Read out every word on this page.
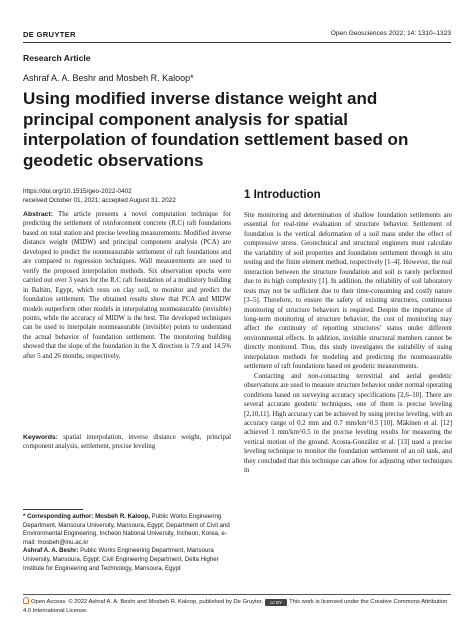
DE GRUYTER	Open Geosciences 2022; 14: 1310–1323
Research Article
Ashraf A. A. Beshr and Mosbeh R. Kaloop*
Using modified inverse distance weight and principal component analysis for spatial interpolation of foundation settlement based on geodetic observations
https://doi.org/10.1515/geo-2022-0402
received October 01, 2021; accepted August 31, 2022
Abstract: The article presents a novel computation technique for predicting the settlement of reinforcement concrete (R.C) raft foundations based on total station and precise leveling measurements. Modified inverse distance weight (MIDW) and principal component analysis (PCA) are developed to predict the nonmeasurable settlement of raft foundations and are compared to regression techniques. Wall measurements are used to verify the proposed interpolation methods. Six observation epochs were carried out over 3 years for the R.C raft foundation of a multistory building in Baltim, Egypt, which rests on clay soil, to monitor and predict the foundation settlement. The obtained results show that PCA and MIDW models outperform other models in interpolating nonmeasurable (invisible) points, while the accuracy of MIDW is the best. The developed techniques can be used to interpolate nonmeasurable (invisible) points to understand the actual behavior of foundation settlement. The monitoring building showed that the slope of the foundation in the X direction is 7.9 and 14.5% after 5 and 26 months, respectively.
Keywords: spatial interpolation, inverse distance weight, principal component analysis, settlement, precise leveling
* Corresponding author: Mosbeh R. Kaloop, Public Works Engineering Department, Mansoura University, Mansoura, Egypt; Department of Civil and Environmental Engineering, Incheon National University, Incheon, Korea, e-mail: mosbeh@inu.ac.kr
Ashraf A. A. Beshr: Public Works Engineering Department, Mansoura University, Mansoura, Egypt; Civil Engineering Department, Delta Higher Institute for Engineering and Technology, Mansoura, Egypt
1 Introduction

Site monitoring and determination of shallow foundation settlements are essential for real-time evaluation of structure behavior. Settlement of foundation is the vertical deformation of a soil mass under the effect of compressive stress. Geotechnical and structural engineers must calculate the variability of soil properties and foundation settlement through in situ testing and the finite element method, respectively [1–4]. However, the real interaction between the structure foundation and soil is rarely performed due to its high complexity [1]. In addition, the reliability of soil laboratory tests may not be sufficient due to their time-consuming and costly nature [3–5]. Therefore, to ensure the safety of existing structures, continuous monitoring of structure behaviors is required. Despite the importance of long-term monitoring of structure behavior, the cost of monitoring may affect the continuity of reporting structures’ status under different environmental effects. In addition, invisible structural members cannot be directly monitored. Thus, this study investigates the suitability of using interpolation methods for modeling and predicting the nonmeasurable settlement of raft foundations based on geodetic measurements.

Contacting and non-contacting terrestrial and aerial geodetic observations are used to measure structure behavior under normal operating conditions based on surveying accuracy specifications [2,6–10]. There are several accurate geodetic techniques, one of them is precise leveling [2,10,11]. High accuracy can be achieved by using precise leveling, with an accuracy range of 0.2 mm and 0.7 mm/km^0.5 [10]. Mäkinen et al. [12] achieved 1 mm/km^0.5 in the precise leveling results for measuring the vertical motion of the ground. Acosta-González et al. [13] used a precise leveling technique to monitor the foundation settlement of an oil tank, and they concluded that this technique can allow for adjusting other techniques in

Open Access. © 2022 Ashraf A. A. Beshr and Mosbeh R. Kaloop, published by De Gruyter. cc BY This work is licensed under the Creative Commons Attribution 4.0 International License.
